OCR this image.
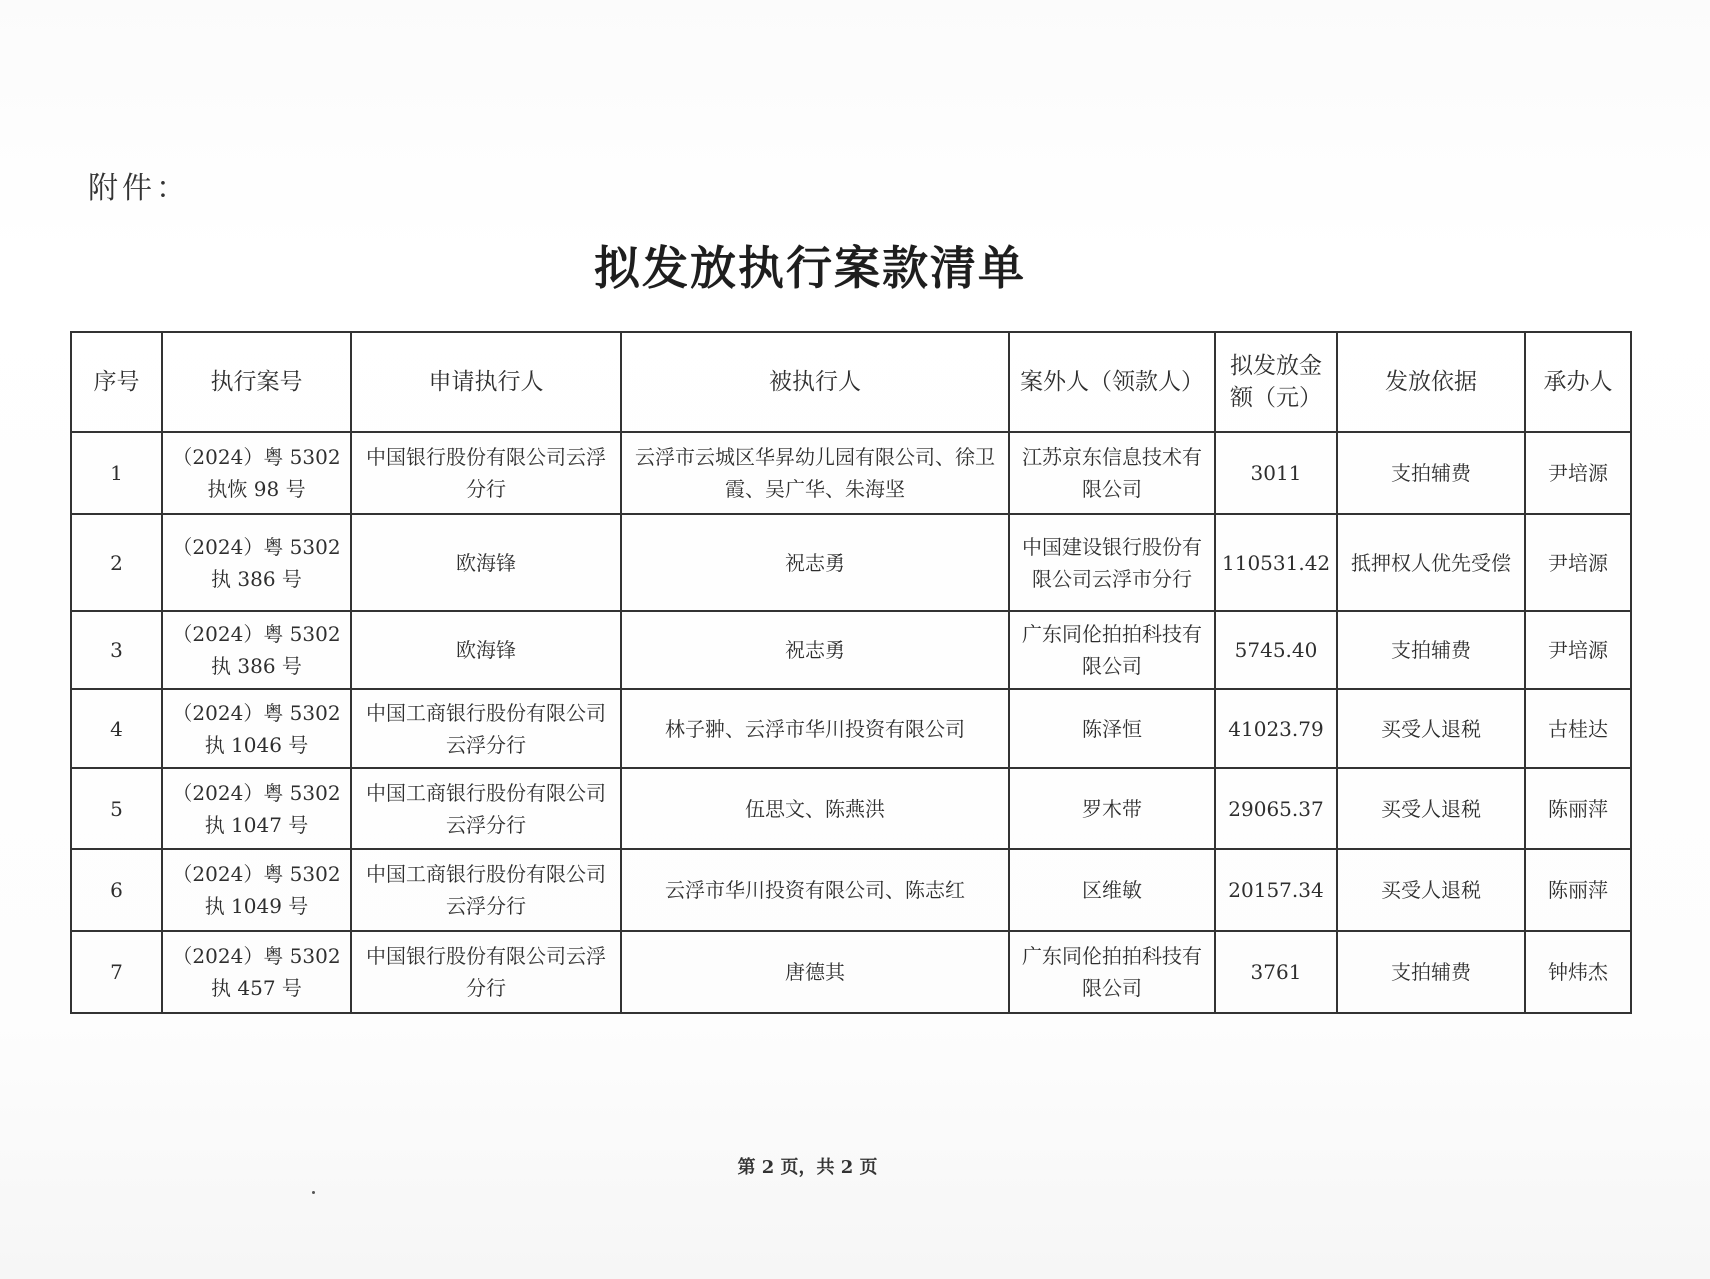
附件：
拟发放执行案款清单
序号	执行案号	申请执行人	被执行人	案外人（领款人）	拟发放金额（元）	发放依据	承办人
1	（2024）粤 5302 执恢 98 号	中国银行股份有限公司云浮分行	云浮市云城区华昇幼儿园有限公司、徐卫霞、吴广华、朱海坚	江苏京东信息技术有限公司	3011	支拍辅费	尹培源
2	（2024）粤 5302 执 386 号	欧海锋	祝志勇	中国建设银行股份有限公司云浮市分行	110531.42	抵押权人优先受偿	尹培源
3	（2024）粤 5302 执 386 号	欧海锋	祝志勇	广东同伦拍拍科技有限公司	5745.40	支拍辅费	尹培源
4	（2024）粤 5302 执 1046 号	中国工商银行股份有限公司云浮分行	林子翀、云浮市华川投资有限公司	陈泽恒	41023.79	买受人退税	古桂达
5	（2024）粤 5302 执 1047 号	中国工商银行股份有限公司云浮分行	伍思文、陈燕洪	罗木带	29065.37	买受人退税	陈丽萍
6	（2024）粤 5302 执 1049 号	中国工商银行股份有限公司云浮分行	云浮市华川投资有限公司、陈志红	区维敏	20157.34	买受人退税	陈丽萍
7	（2024）粤 5302 执 457 号	中国银行股份有限公司云浮分行	唐德其	广东同伦拍拍科技有限公司	3761	支拍辅费	钟炜杰
第 2 页，共 2 页
